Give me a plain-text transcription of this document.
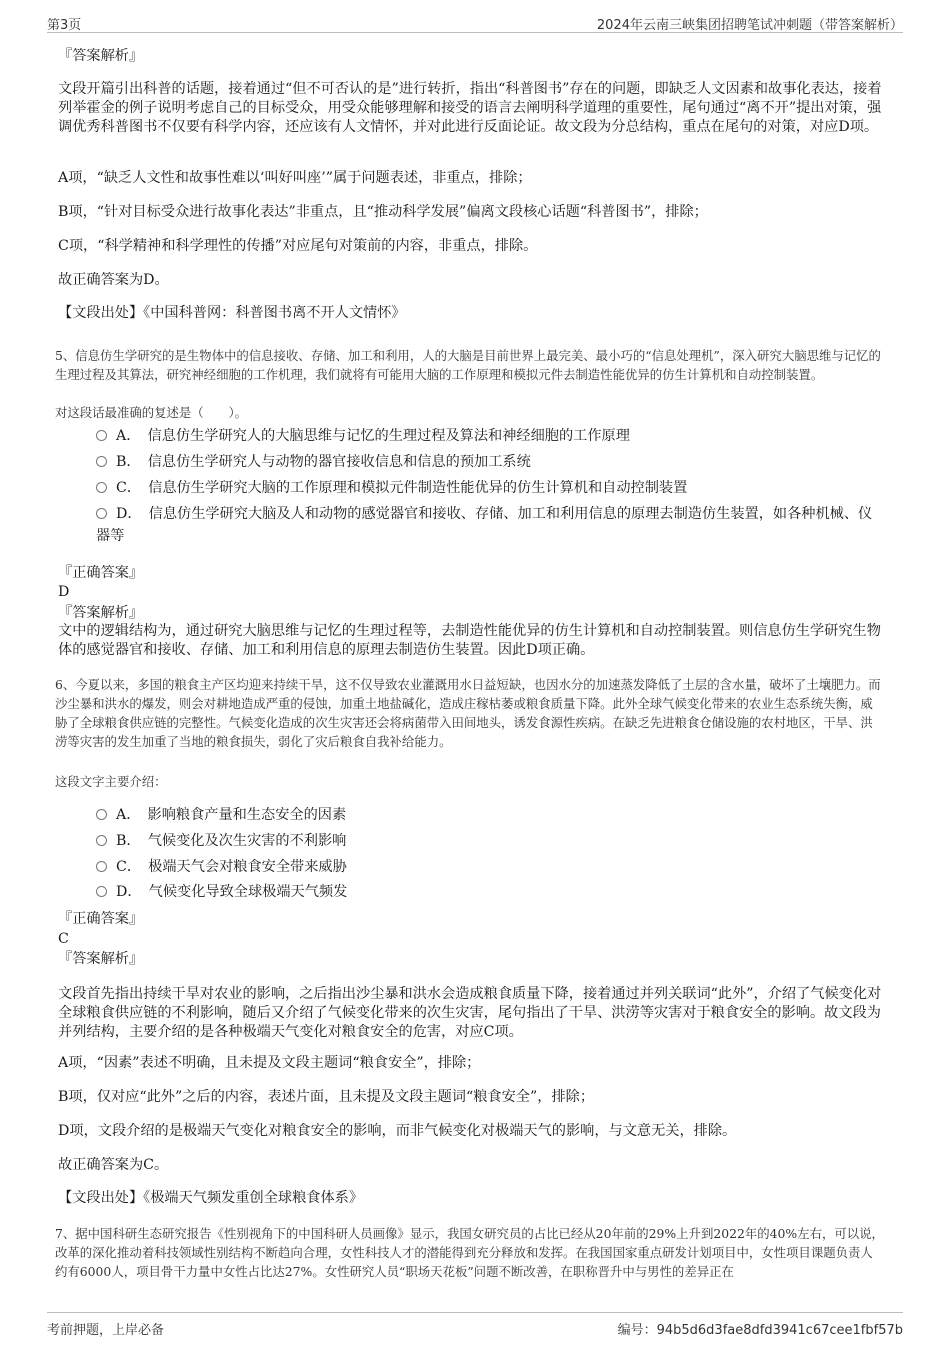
第3页	2024年云南三峡集团招聘笔试冲刺题（带答案解析）
『答案解析』
文段开篇引出科普的话题，接着通过“但不可否认的是”进行转折，指出“科普图书”存在的问题，即缺乏人文因素和故事化表达，接着列举霍金的例子说明考虑自己的目标受众，用受众能够理解和接受的语言去阐明科学道理的重要性，尾句通过“离不开”提出对策，强调优秀科普图书不仅要有科学内容，还应该有人文情怀，并对此进行反面论证。故文段为分总结构，重点在尾句的对策，对应D项。
A项，“缺乏人文性和故事性难以‘叫好叫座’”属于问题表述，非重点，排除；
B项，“针对目标受众进行故事化表达”非重点，且“推动科学发展”偏离文段核心话题“科普图书”，排除；
C项，“科学精神和科学理性的传播”对应尾句对策前的内容，非重点，排除。
故正确答案为D。
【文段出处】《中国科普网：科普图书离不开人文情怀》
5、信息仿生学研究的是生物体中的信息接收、存储、加工和利用，人的大脑是目前世界上最完美、最小巧的“信息处理机”，深入研究大脑思维与记忆的生理过程及其算法，研究神经细胞的工作机理，我们就将有可能用大脑的工作原理和模拟元件去制造性能优异的仿生计算机和自动控制装置。
对这段话最准确的复述是（　　）。
A．　信息仿生学研究人的大脑思维与记忆的生理过程及算法和神经细胞的工作原理
B．　信息仿生学研究人与动物的器官接收信息和信息的预加工系统
C．　信息仿生学研究大脑的工作原理和模拟元件制造性能优异的仿生计算机和自动控制装置
D．　信息仿生学研究大脑及人和动物的感觉器官和接收、存储、加工和利用信息的原理去制造仿生装置，如各种机械、仪器等
『正确答案』
D
『答案解析』
文中的逻辑结构为，通过研究大脑思维与记忆的生理过程等，去制造性能优异的仿生计算机和自动控制装置。则信息仿生学研究生物体的感觉器官和接收、存储、加工和利用信息的原理去制造仿生装置。因此D项正确。
6、今夏以来，多国的粮食主产区均迎来持续干旱，这不仅导致农业灌溉用水日益短缺，也因水分的加速蒸发降低了土层的含水量，破坏了土壤肥力。而沙尘暴和洪水的爆发，则会对耕地造成严重的侵蚀，加重土地盐碱化，造成庄稼枯萎或粮食质量下降。此外全球气候变化带来的农业生态系统失衡，威胁了全球粮食供应链的完整性。气候变化造成的次生灾害还会将病菌带入田间地头，诱发食源性疾病。在缺乏先进粮食仓储设施的农村地区，干旱、洪涝等灾害的发生加重了当地的粮食损失，弱化了灾后粮食自我补给能力。
这段文字主要介绍：
A．　影响粮食产量和生态安全的因素
B．　气候变化及次生灾害的不利影响
C．　极端天气会对粮食安全带来威胁
D．　气候变化导致全球极端天气频发
『正确答案』
C
『答案解析』
文段首先指出持续干旱对农业的影响，之后指出沙尘暴和洪水会造成粮食质量下降，接着通过并列关联词“此外”，介绍了气候变化对全球粮食供应链的不利影响，随后又介绍了气候变化带来的次生灾害，尾句指出了干旱、洪涝等灾害对于粮食安全的影响。故文段为并列结构，主要介绍的是各种极端天气变化对粮食安全的危害，对应C项。
A项，“因素”表述不明确，且未提及文段主题词“粮食安全”，排除；
B项，仅对应“此外”之后的内容，表述片面，且未提及文段主题词“粮食安全”，排除；
D项，文段介绍的是极端天气变化对粮食安全的影响，而非气候变化对极端天气的影响，与文意无关，排除。
故正确答案为C。
【文段出处】《极端天气频发重创全球粮食体系》
7、据中国科研生态研究报告《性别视角下的中国科研人员画像》显示，我国女研究员的占比已经从20年前的29%上升到2022年的40%左右，可以说，改革的深化推动着科技领域性别结构不断趋向合理，女性科技人才的潜能得到充分释放和发挥。在我国国家重点研发计划项目中，女性项目课题负责人约有6000人，项目骨干力量中女性占比达27%。女性研究人员“职场天花板”问题不断改善，在职称晋升中与男性的差异正在
考前押题，上岸必备	编号：94b5d6d3fae8dfd3941c67cee1fbf57b
